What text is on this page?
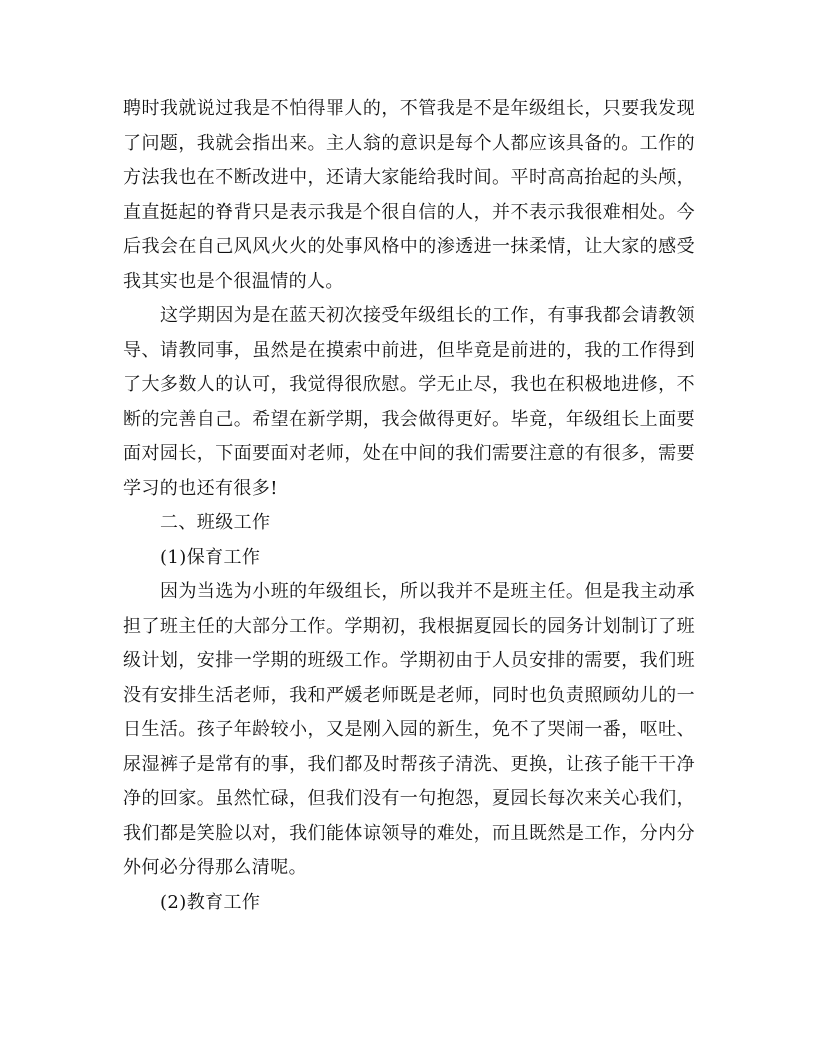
聘时我就说过我是不怕得罪人的，不管我是不是年级组长，只要我发现了问题，我就会指出来。主人翁的意识是每个人都应该具备的。工作的方法我也在不断改进中，还请大家能给我时间。平时高高抬起的头颅，直直挺起的脊背只是表示我是个很自信的人，并不表示我很难相处。今后我会在自己风风火火的处事风格中的渗透进一抹柔情，让大家的感受我其实也是个很温情的人。

这学期因为是在蓝天初次接受年级组长的工作，有事我都会请教领导、请教同事，虽然是在摸索中前进，但毕竟是前进的，我的工作得到了大多数人的认可，我觉得很欣慰。学无止尽，我也在积极地进修，不断的完善自己。希望在新学期，我会做得更好。毕竟，年级组长上面要面对园长，下面要面对老师，处在中间的我们需要注意的有很多，需要学习的也还有很多!

二、班级工作

(1)保育工作

因为当选为小班的年级组长，所以我并不是班主任。但是我主动承担了班主任的大部分工作。学期初，我根据夏园长的园务计划制订了班级计划，安排一学期的班级工作。学期初由于人员安排的需要，我们班没有安排生活老师，我和严媛老师既是老师，同时也负责照顾幼儿的一日生活。孩子年龄较小，又是刚入园的新生，免不了哭闹一番，呕吐、尿湿裤子是常有的事，我们都及时帮孩子清洗、更换，让孩子能干干净净的回家。虽然忙碌，但我们没有一句抱怨，夏园长每次来关心我们，我们都是笑脸以对，我们能体谅领导的难处，而且既然是工作，分内分外何必分得那么清呢。

(2)教育工作
